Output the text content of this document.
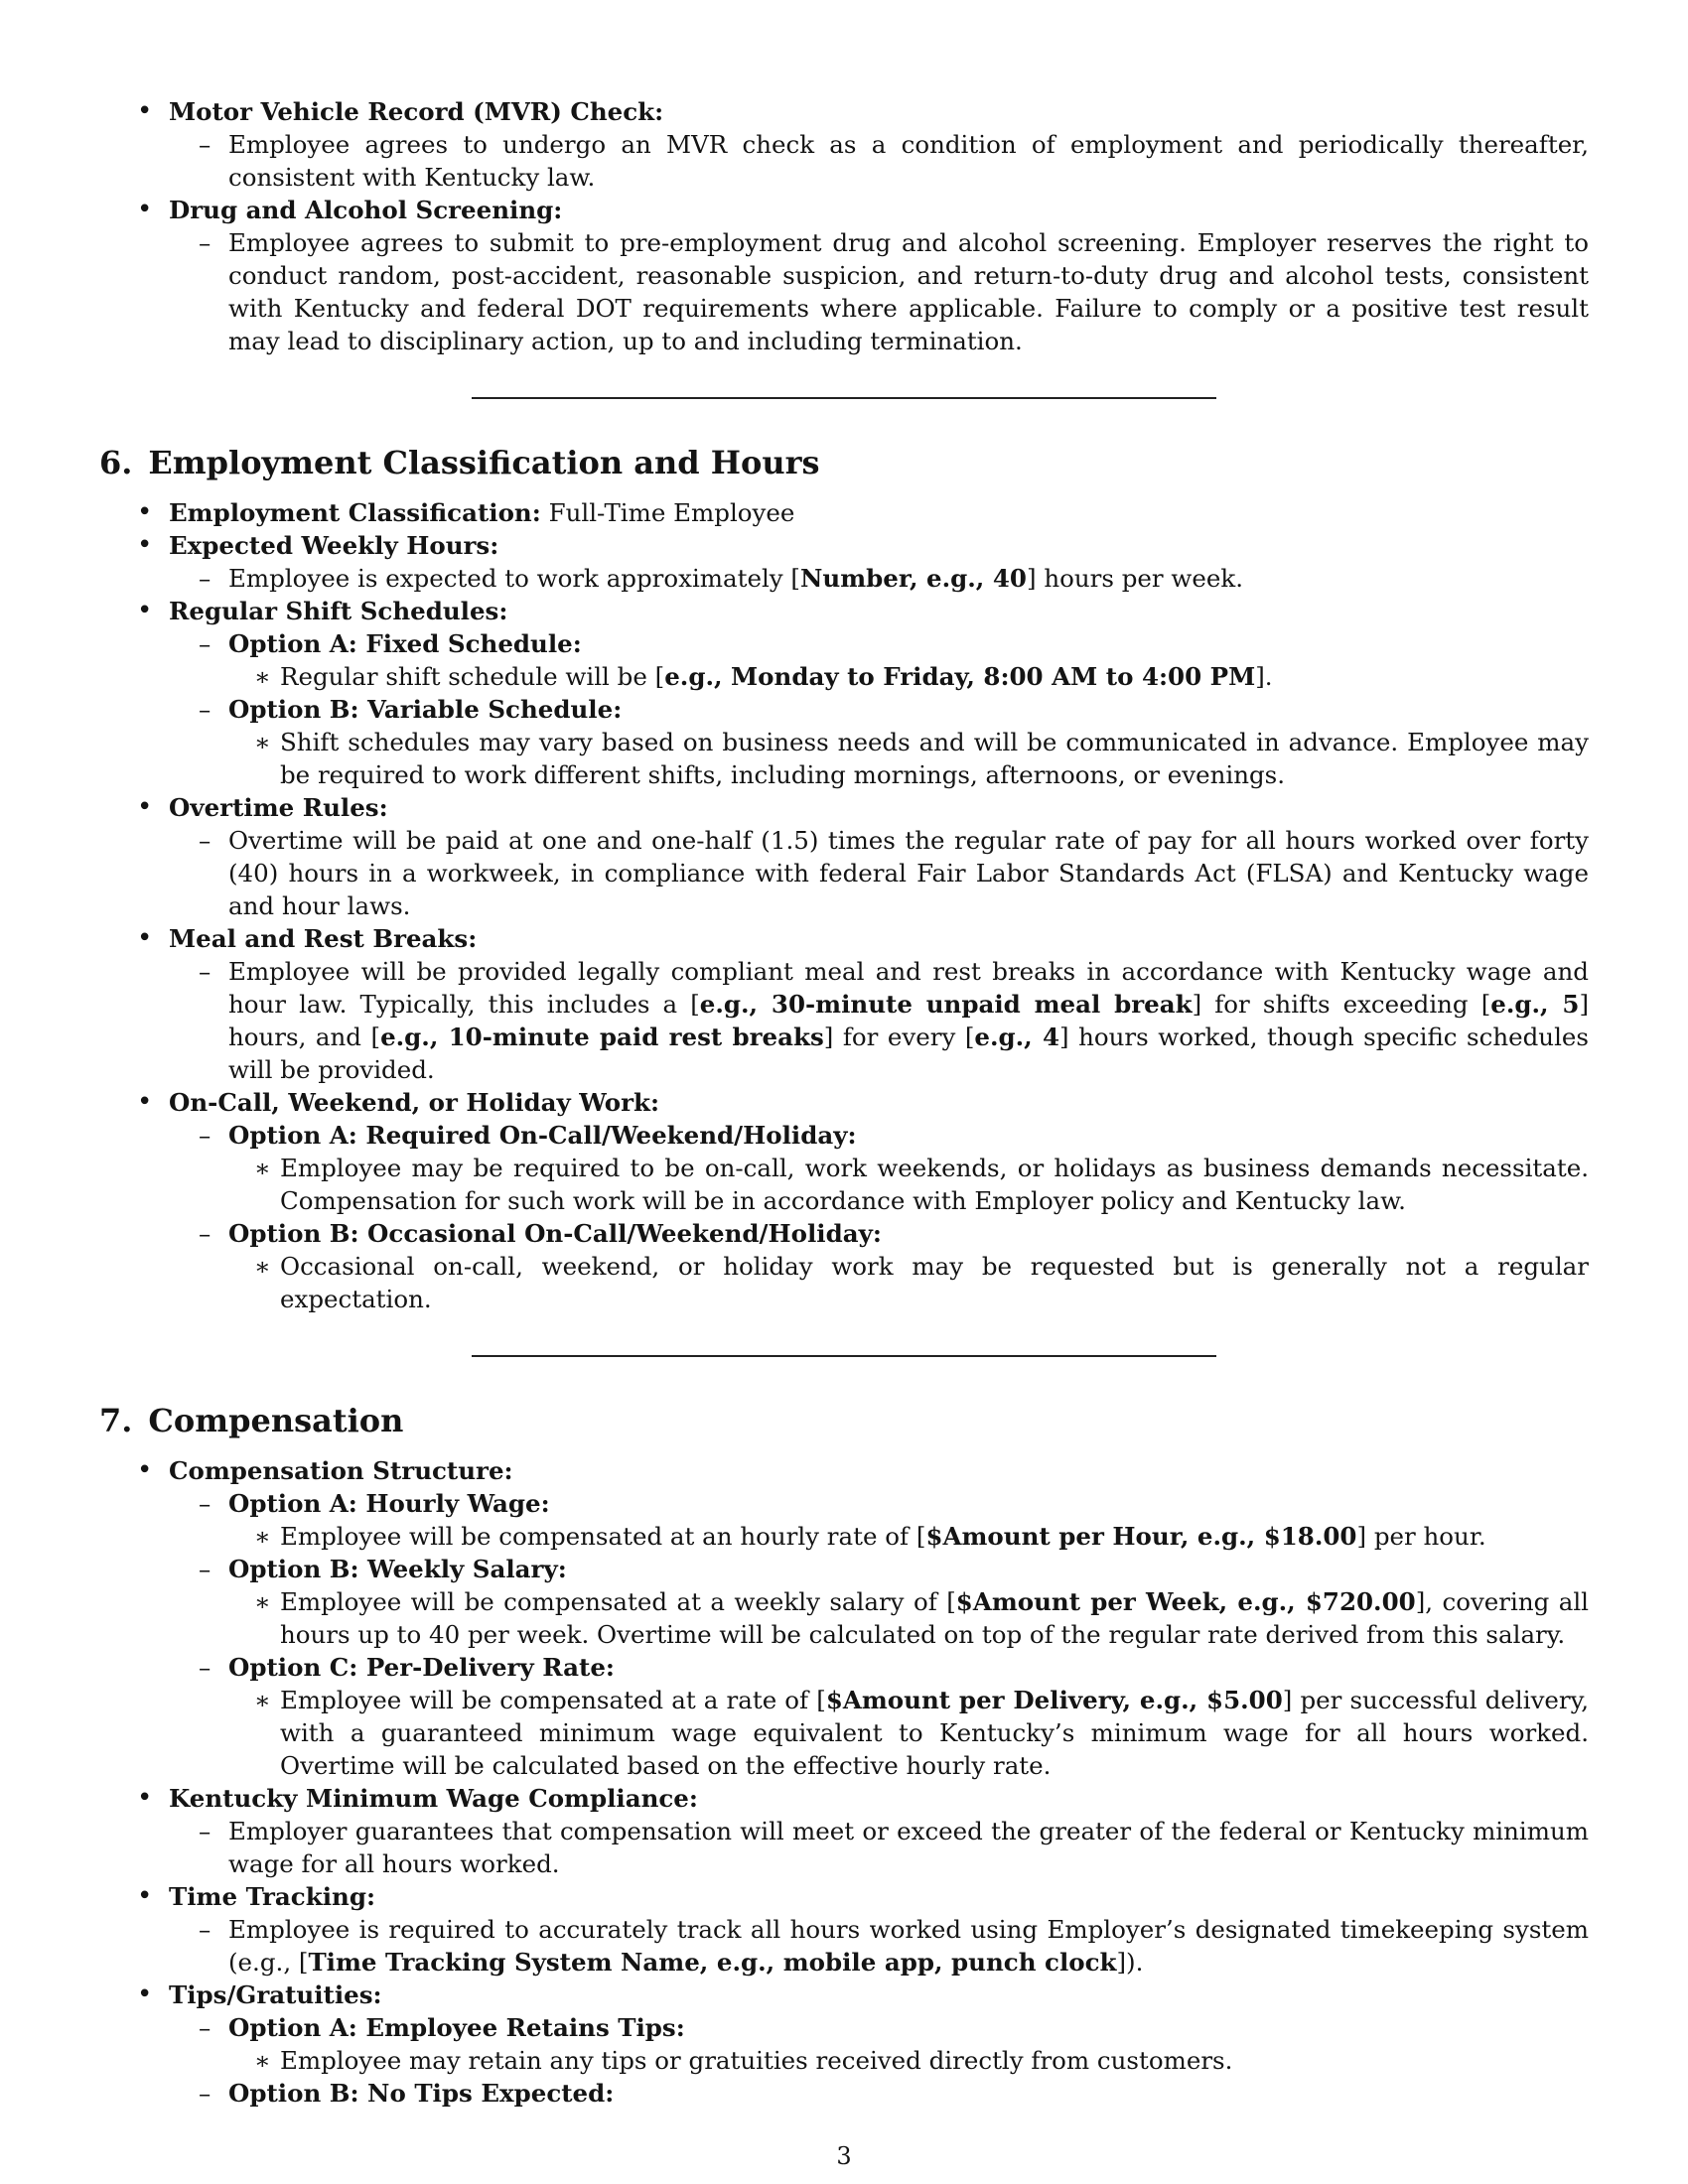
• Motor Vehicle Record (MVR) Check:
– Employee agrees to undergo an MVR check as a condition of employment and periodically thereafter, consistent with Kentucky law.
• Drug and Alcohol Screening:
– Employee agrees to submit to pre-employment drug and alcohol screening. Employer reserves the right to conduct random, post-accident, reasonable suspicion, and return-to-duty drug and alcohol tests, consistent with Kentucky and federal DOT requirements where applicable. Failure to comply or a positive test result may lead to disciplinary action, up to and including termination.
6. Employment Classification and Hours
• Employment Classification: Full-Time Employee
• Expected Weekly Hours:
– Employee is expected to work approximately [Number, e.g., 40] hours per week.
• Regular Shift Schedules:
– Option A: Fixed Schedule:
∗ Regular shift schedule will be [e.g., Monday to Friday, 8:00 AM to 4:00 PM].
– Option B: Variable Schedule:
∗ Shift schedules may vary based on business needs and will be communicated in advance. Employee may be required to work different shifts, including mornings, afternoons, or evenings.
• Overtime Rules:
– Overtime will be paid at one and one-half (1.5) times the regular rate of pay for all hours worked over forty (40) hours in a workweek, in compliance with federal Fair Labor Standards Act (FLSA) and Kentucky wage and hour laws.
• Meal and Rest Breaks:
– Employee will be provided legally compliant meal and rest breaks in accordance with Kentucky wage and hour law. Typically, this includes a [e.g., 30-minute unpaid meal break] for shifts exceeding [e.g., 5] hours, and [e.g., 10-minute paid rest breaks] for every [e.g., 4] hours worked, though specific schedules will be provided.
• On-Call, Weekend, or Holiday Work:
– Option A: Required On-Call/Weekend/Holiday:
∗ Employee may be required to be on-call, work weekends, or holidays as business demands necessitate. Compensation for such work will be in accordance with Employer policy and Kentucky law.
– Option B: Occasional On-Call/Weekend/Holiday:
∗ Occasional on-call, weekend, or holiday work may be requested but is generally not a regular expectation.
7. Compensation
• Compensation Structure:
– Option A: Hourly Wage:
∗ Employee will be compensated at an hourly rate of [$Amount per Hour, e.g., $18.00] per hour.
– Option B: Weekly Salary:
∗ Employee will be compensated at a weekly salary of [$Amount per Week, e.g., $720.00], covering all hours up to 40 per week. Overtime will be calculated on top of the regular rate derived from this salary.
– Option C: Per-Delivery Rate:
∗ Employee will be compensated at a rate of [$Amount per Delivery, e.g., $5.00] per successful delivery, with a guaranteed minimum wage equivalent to Kentucky’s minimum wage for all hours worked. Overtime will be calculated based on the effective hourly rate.
• Kentucky Minimum Wage Compliance:
– Employer guarantees that compensation will meet or exceed the greater of the federal or Kentucky minimum wage for all hours worked.
• Time Tracking:
– Employee is required to accurately track all hours worked using Employer’s designated timekeeping system (e.g., [Time Tracking System Name, e.g., mobile app, punch clock]).
• Tips/Gratuities:
– Option A: Employee Retains Tips:
∗ Employee may retain any tips or gratuities received directly from customers.
– Option B: No Tips Expected:
3
